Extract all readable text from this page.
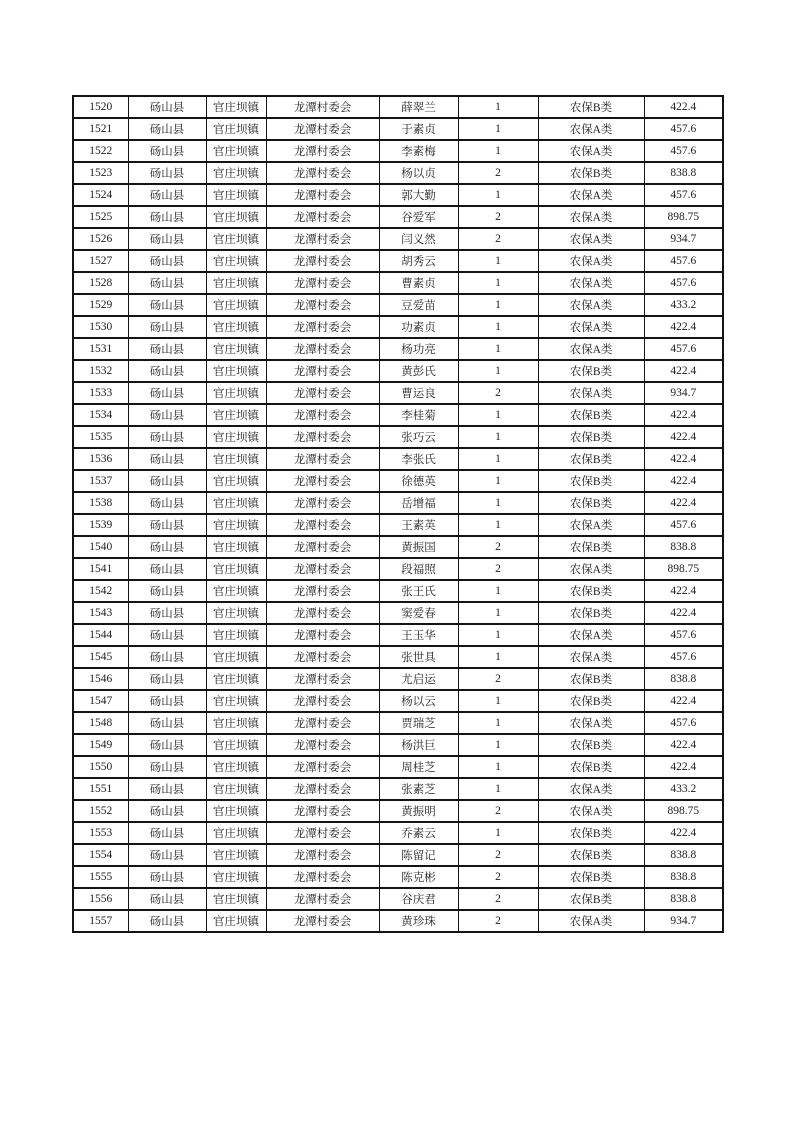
1520	砀山县	官庄坝镇	龙潭村委会	薛翠兰	1	农保B类	422.4
1521	砀山县	官庄坝镇	龙潭村委会	于素贞	1	农保A类	457.6
1522	砀山县	官庄坝镇	龙潭村委会	李素梅	1	农保A类	457.6
1523	砀山县	官庄坝镇	龙潭村委会	杨以贞	2	农保B类	838.8
1524	砀山县	官庄坝镇	龙潭村委会	郭大勤	1	农保A类	457.6
1525	砀山县	官庄坝镇	龙潭村委会	谷爱军	2	农保A类	898.75
1526	砀山县	官庄坝镇	龙潭村委会	闫义然	2	农保A类	934.7
1527	砀山县	官庄坝镇	龙潭村委会	胡秀云	1	农保A类	457.6
1528	砀山县	官庄坝镇	龙潭村委会	曹素贞	1	农保A类	457.6
1529	砀山县	官庄坝镇	龙潭村委会	豆爱苗	1	农保A类	433.2
1530	砀山县	官庄坝镇	龙潭村委会	功素贞	1	农保A类	422.4
1531	砀山县	官庄坝镇	龙潭村委会	杨功亮	1	农保A类	457.6
1532	砀山县	官庄坝镇	龙潭村委会	黄彭氏	1	农保B类	422.4
1533	砀山县	官庄坝镇	龙潭村委会	曹运良	2	农保A类	934.7
1534	砀山县	官庄坝镇	龙潭村委会	李桂菊	1	农保B类	422.4
1535	砀山县	官庄坝镇	龙潭村委会	张巧云	1	农保B类	422.4
1536	砀山县	官庄坝镇	龙潭村委会	李张氏	1	农保B类	422.4
1537	砀山县	官庄坝镇	龙潭村委会	徐德英	1	农保B类	422.4
1538	砀山县	官庄坝镇	龙潭村委会	岳增福	1	农保B类	422.4
1539	砀山县	官庄坝镇	龙潭村委会	王素英	1	农保A类	457.6
1540	砀山县	官庄坝镇	龙潭村委会	黄振国	2	农保B类	838.8
1541	砀山县	官庄坝镇	龙潭村委会	段福照	2	农保A类	898.75
1542	砀山县	官庄坝镇	龙潭村委会	张王氏	1	农保B类	422.4
1543	砀山县	官庄坝镇	龙潭村委会	窦爱春	1	农保B类	422.4
1544	砀山县	官庄坝镇	龙潭村委会	王玉华	1	农保A类	457.6
1545	砀山县	官庄坝镇	龙潭村委会	张世具	1	农保A类	457.6
1546	砀山县	官庄坝镇	龙潭村委会	尤启运	2	农保B类	838.8
1547	砀山县	官庄坝镇	龙潭村委会	杨以云	1	农保B类	422.4
1548	砀山县	官庄坝镇	龙潭村委会	贾瑞芝	1	农保A类	457.6
1549	砀山县	官庄坝镇	龙潭村委会	杨洪巨	1	农保B类	422.4
1550	砀山县	官庄坝镇	龙潭村委会	周桂芝	1	农保B类	422.4
1551	砀山县	官庄坝镇	龙潭村委会	张素芝	1	农保A类	433.2
1552	砀山县	官庄坝镇	龙潭村委会	黄振明	2	农保A类	898.75
1553	砀山县	官庄坝镇	龙潭村委会	乔素云	1	农保B类	422.4
1554	砀山县	官庄坝镇	龙潭村委会	陈留记	2	农保B类	838.8
1555	砀山县	官庄坝镇	龙潭村委会	陈克彬	2	农保B类	838.8
1556	砀山县	官庄坝镇	龙潭村委会	谷庆君	2	农保B类	838.8
1557	砀山县	官庄坝镇	龙潭村委会	黄珍珠	2	农保A类	934.7
